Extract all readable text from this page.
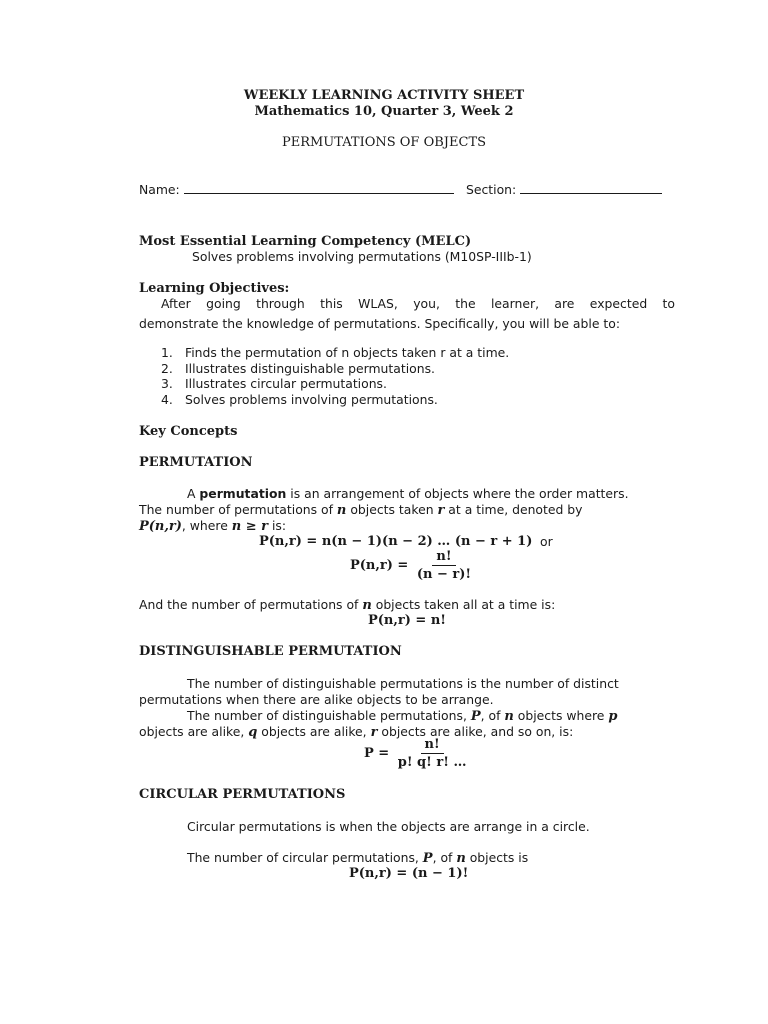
WEEKLY LEARNING ACTIVITY SHEET
Mathematics 10, Quarter 3, Week 2
PERMUTATIONS OF OBJECTS
Name:	Section:
Most Essential Learning Competency (MELC)
Solves problems involving permutations (M10SP-IIIb-1)
Learning Objectives:
After going through this WLAS, you, the learner, are expected to
demonstrate the knowledge of permutations. Specifically, you will be able to:
1. Finds the permutation of n objects taken r at a time.
2. Illustrates distinguishable permutations.
3. Illustrates circular permutations.
4. Solves problems involving permutations.
Key Concepts
PERMUTATION
A permutation is an arrangement of objects where the order matters.
The number of permutations of n objects taken r at a time, denoted by
P(n,r), where n ≥ r is:
P(n,r) = n(n − 1)(n − 2) … (n − r + 1) or
$P(n,r) = \frac{n!}{(n - r)!}$
And the number of permutations of n objects taken all at a time is:
P(n,r) = n!
DISTINGUISHABLE PERMUTATION
The number of distinguishable permutations is the number of distinct
permutations when there are alike objects to be arrange.
The number of distinguishable permutations, P, of n objects where p
objects are alike, q objects are alike, r objects are alike, and so on, is:
$P = \frac{n!}{p! q! r! \dots}$
CIRCULAR PERMUTATIONS
Circular permutations is when the objects are arrange in a circle.
The number of circular permutations, P, of n objects is
P(n,r) = (n − 1)!
